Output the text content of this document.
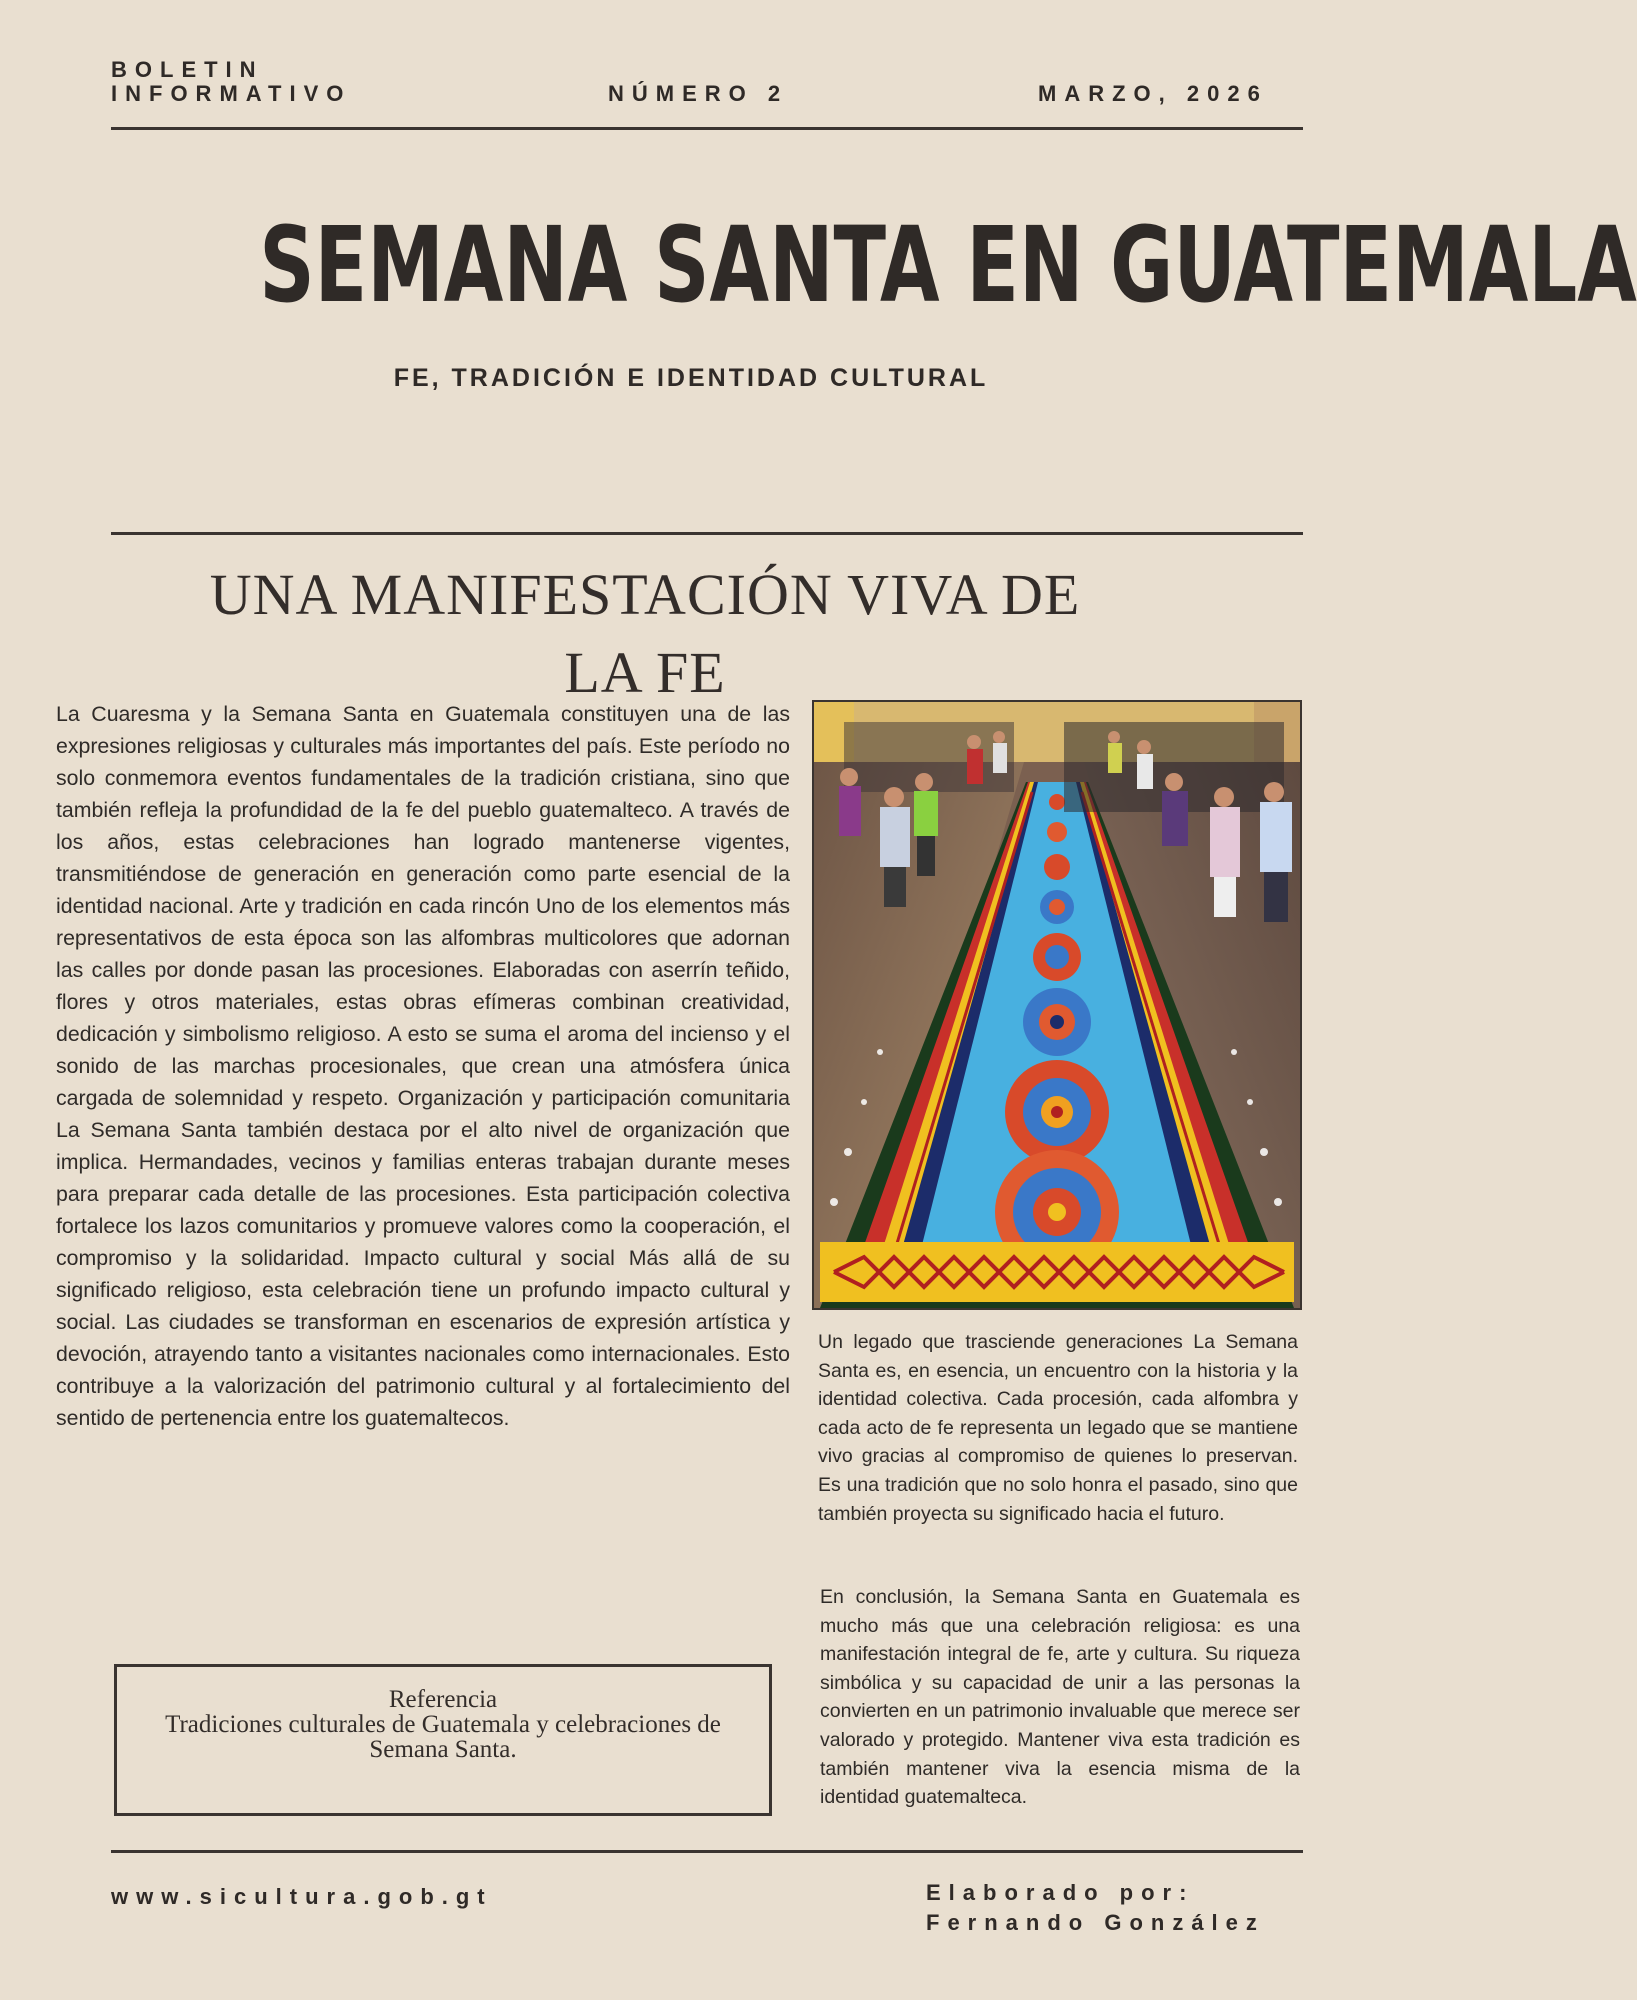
BOLETIN
INFORMATIVO	NÚMERO 2	MARZO, 2026
SEMANA SANTA EN GUATEMALA
FE, TRADICIÓN E IDENTIDAD CULTURAL
UNA MANIFESTACIÓN VIVA DE
LA FE
La Cuaresma y la Semana Santa en Guatemala constituyen una de las expresiones religiosas y culturales más importantes del país. Este período no solo conmemora eventos fundamentales de la tradición cristiana, sino que también refleja la profundidad de la fe del pueblo guatemalteco. A través de los años, estas celebraciones han logrado mantenerse vigentes, transmitiéndose de generación en generación como parte esencial de la identidad nacional. Arte y tradición en cada rincón Uno de los elementos más representativos de esta época son las alfombras multicolores que adornan las calles por donde pasan las procesiones. Elaboradas con aserrín teñido, flores y otros materiales, estas obras efímeras combinan creatividad, dedicación y simbolismo religioso. A esto se suma el aroma del incienso y el sonido de las marchas procesionales, que crean una atmósfera única cargada de solemnidad y respeto. Organización y participación comunitaria La Semana Santa también destaca por el alto nivel de organización que implica. Hermandades, vecinos y familias enteras trabajan durante meses para preparar cada detalle de las procesiones. Esta participación colectiva fortalece los lazos comunitarios y promueve valores como la cooperación, el compromiso y la solidaridad. Impacto cultural y social Más allá de su significado religioso, esta celebración tiene un profundo impacto cultural y social. Las ciudades se transforman en escenarios de expresión artística y devoción, atrayendo tanto a visitantes nacionales como internacionales. Esto contribuye a la valorización del patrimonio cultural y al fortalecimiento del sentido de pertenencia entre los guatemaltecos.
Un legado que trasciende generaciones La Semana Santa es, en esencia, un encuentro con la historia y la identidad colectiva. Cada procesión, cada alfombra y cada acto de fe representa un legado que se mantiene vivo gracias al compromiso de quienes lo preservan. Es una tradición que no solo honra el pasado, sino que también proyecta su significado hacia el futuro.
En conclusión, la Semana Santa en Guatemala es mucho más que una celebración religiosa: es una manifestación integral de fe, arte y cultura. Su riqueza simbólica y su capacidad de unir a las personas la convierten en un patrimonio invaluable que merece ser valorado y protegido. Mantener viva esta tradición es también mantener viva la esencia misma de la identidad guatemalteca.
Referencia
Tradiciones culturales de Guatemala y celebraciones de Semana Santa.
www.sicultura.gob.gt	Elaborado por:
Fernando González
